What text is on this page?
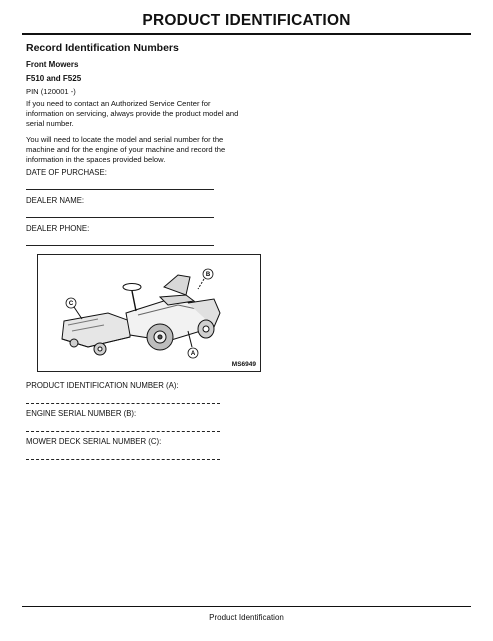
PRODUCT IDENTIFICATION
Record Identification Numbers
Front Mowers
F510 and F525
PIN (120001 -)
If you need to contact an Authorized Service Center for information on servicing, always provide the product model and serial number.
You will need to locate the model and serial number for the machine and for the engine of your machine and record the information in the spaces provided below.
DATE OF PURCHASE:
DEALER NAME:
DEALER PHONE:
B
A
C
MS6949
PRODUCT IDENTIFICATION NUMBER (A):
ENGINE SERIAL NUMBER (B):
MOWER DECK SERIAL NUMBER (C):
Product Identification
